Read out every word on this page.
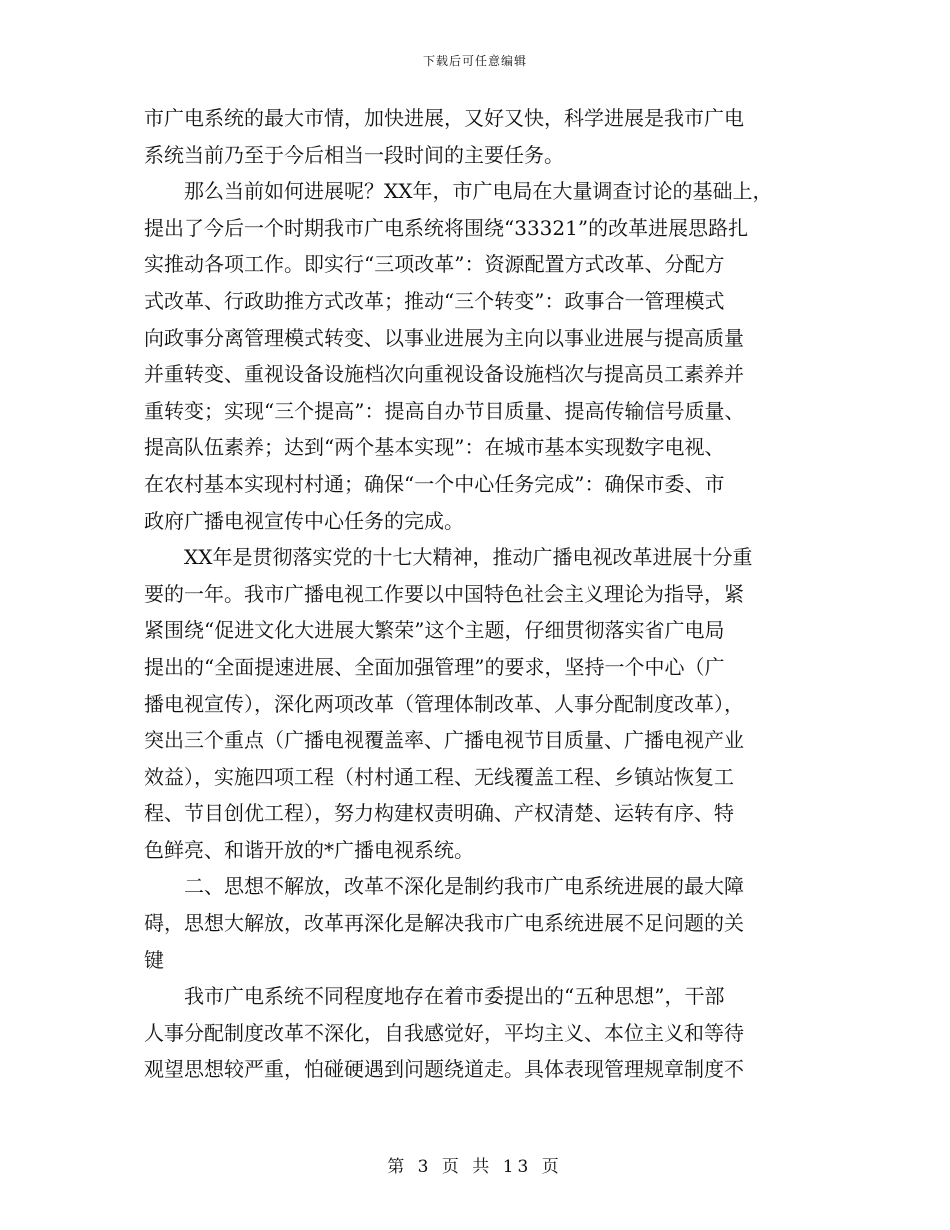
下载后可任意编辑
市广电系统的最大市情，加快进展，又好又快，科学进展是我市广电
系统当前乃至于今后相当一段时间的主要任务。
　　那么当前如何进展呢？XX年，市广电局在大量调查讨论的基础上，
提出了今后一个时期我市广电系统将围绕“33321”的改革进展思路扎
实推动各项工作。即实行“三项改革”：资源配置方式改革、分配方
式改革、行政助推方式改革；推动“三个转变”：政事合一管理模式
向政事分离管理模式转变、以事业进展为主向以事业进展与提高质量
并重转变、重视设备设施档次向重视设备设施档次与提高员工素养并
重转变；实现“三个提高”：提高自办节目质量、提高传输信号质量、
提高队伍素养；达到“两个基本实现”：在城市基本实现数字电视、
在农村基本实现村村通；确保“一个中心任务完成”：确保市委、市
政府广播电视宣传中心任务的完成。
　　XX年是贯彻落实党的十七大精神，推动广播电视改革进展十分重
要的一年。我市广播电视工作要以中国特色社会主义理论为指导，紧
紧围绕“促进文化大进展大繁荣”这个主题，仔细贯彻落实省广电局
提出的“全面提速进展、全面加强管理”的要求，坚持一个中心（广
播电视宣传），深化两项改革（管理体制改革、人事分配制度改革），
突出三个重点（广播电视覆盖率、广播电视节目质量、广播电视产业
效益），实施四项工程（村村通工程、无线覆盖工程、乡镇站恢复工
程、节目创优工程），努力构建权责明确、产权清楚、运转有序、特
色鲜亮、和谐开放的*广播电视系统。
　　二、思想不解放，改革不深化是制约我市广电系统进展的最大障
碍，思想大解放，改革再深化是解决我市广电系统进展不足问题的关
键
　　我市广电系统不同程度地存在着市委提出的“五种思想”，干部
人事分配制度改革不深化，自我感觉好，平均主义、本位主义和等待
观望思想较严重，怕碰硬遇到问题绕道走。具体表现管理规章制度不
第 3 页 共 13 页
